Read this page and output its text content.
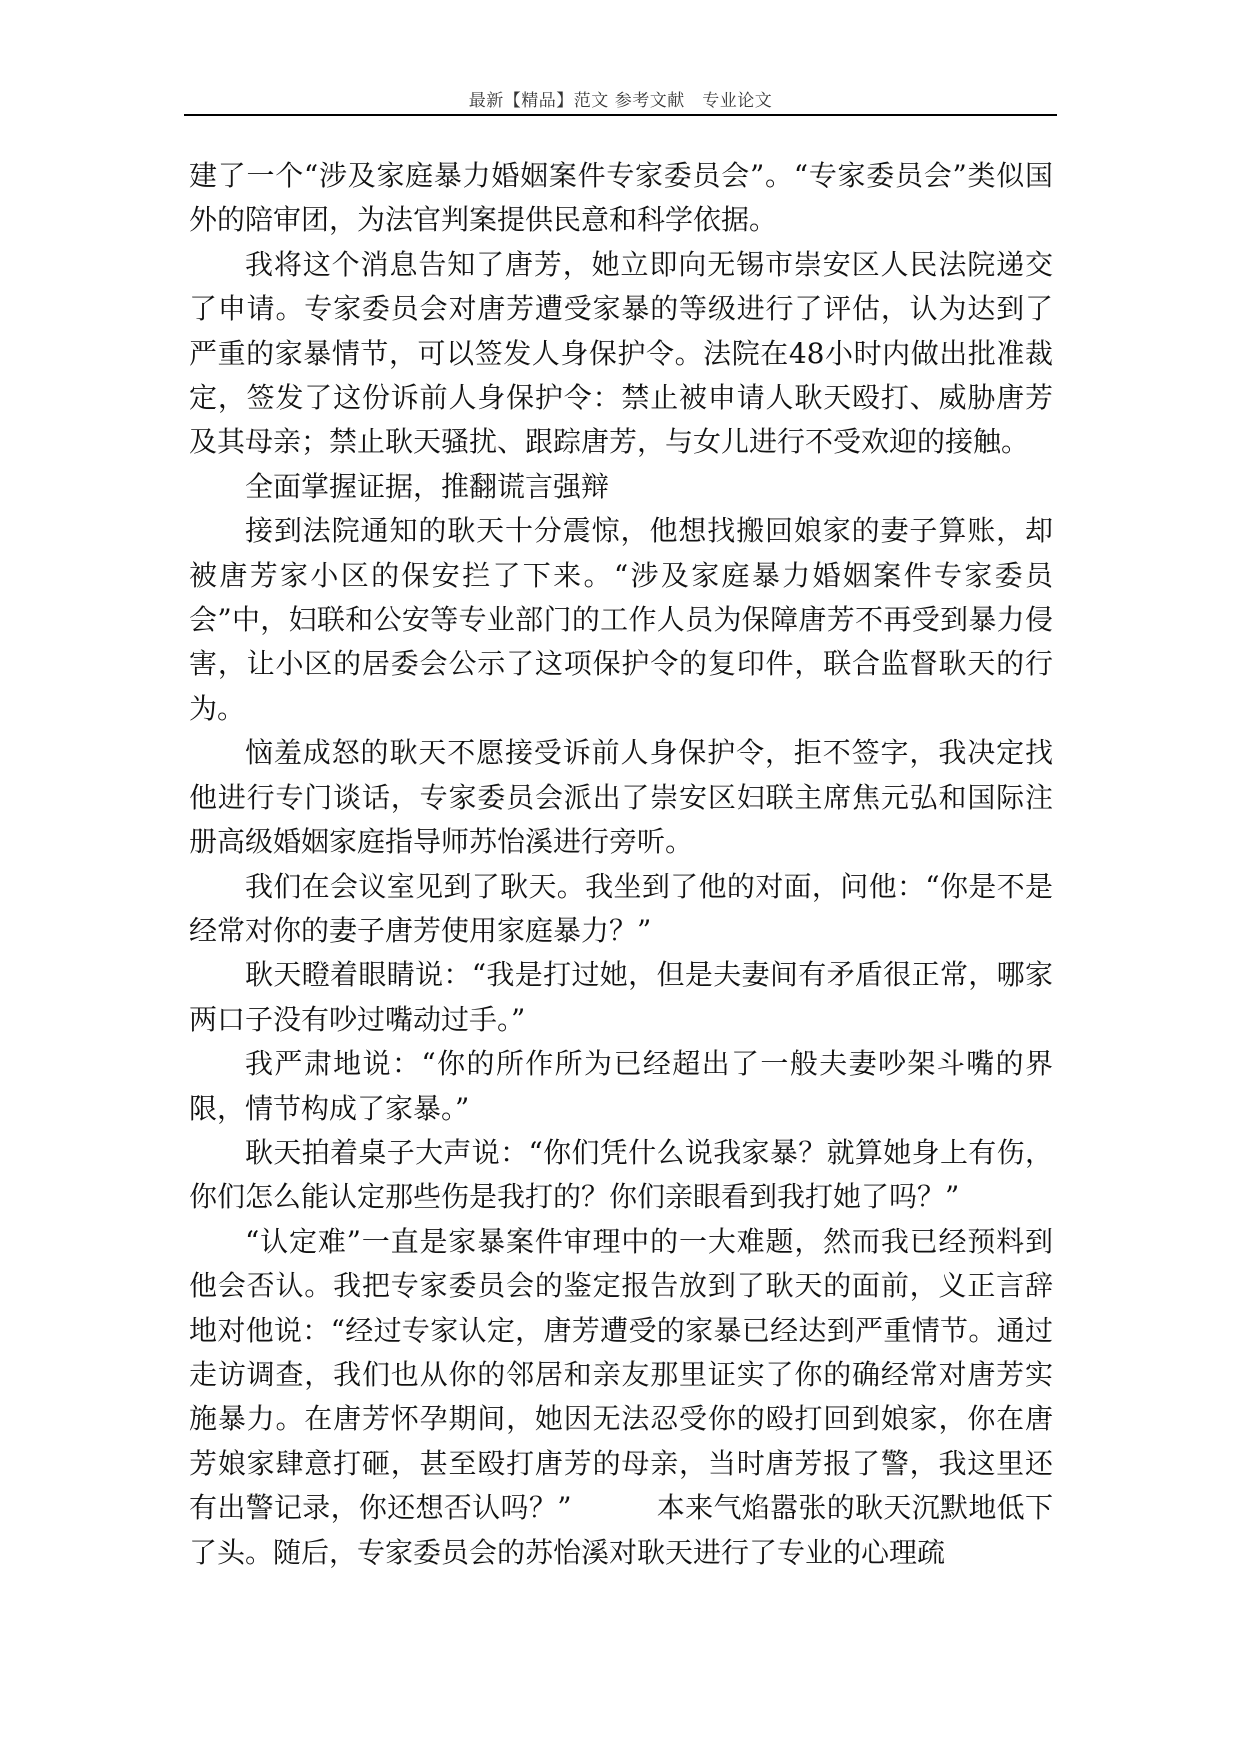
最新【精品】范文 参考文献　专业论文

建了一个“涉及家庭暴力婚姻案件专家委员会”。“专家委员会”类似国外的陪审团，为法官判案提供民意和科学依据。

我将这个消息告知了唐芳，她立即向无锡市崇安区人民法院递交了申请。专家委员会对唐芳遭受家暴的等级进行了评估，认为达到了严重的家暴情节，可以签发人身保护令。法院在48小时内做出批准裁定，签发了这份诉前人身保护令：禁止被申请人耿天殴打、威胁唐芳及其母亲；禁止耿天骚扰、跟踪唐芳，与女儿进行不受欢迎的接触。

全面掌握证据，推翻谎言强辩

接到法院通知的耿天十分震惊，他想找搬回娘家的妻子算账，却被唐芳家小区的保安拦了下来。“涉及家庭暴力婚姻案件专家委员会”中，妇联和公安等专业部门的工作人员为保障唐芳不再受到暴力侵害，让小区的居委会公示了这项保护令的复印件，联合监督耿天的行为。

恼羞成怒的耿天不愿接受诉前人身保护令，拒不签字，我决定找他进行专门谈话，专家委员会派出了崇安区妇联主席焦元弘和国际注册高级婚姻家庭指导师苏怡溪进行旁听。

我们在会议室见到了耿天。我坐到了他的对面，问他：“你是不是经常对你的妻子唐芳使用家庭暴力？”

耿天瞪着眼睛说：“我是打过她，但是夫妻间有矛盾很正常，哪家两口子没有吵过嘴动过手。”

我严肃地说：“你的所作所为已经超出了一般夫妻吵架斗嘴的界限，情节构成了家暴。”

耿天拍着桌子大声说：“你们凭什么说我家暴？就算她身上有伤，你们怎么能认定那些伤是我打的？你们亲眼看到我打她了吗？”

“认定难”一直是家暴案件审理中的一大难题，然而我已经预料到他会否认。我把专家委员会的鉴定报告放到了耿天的面前，义正言辞地对他说：“经过专家认定，唐芳遭受的家暴已经达到严重情节。通过走访调查，我们也从你的邻居和亲友那里证实了你的确经常对唐芳实施暴力。在唐芳怀孕期间，她因无法忍受你的殴打回到娘家，你在唐芳娘家肆意打砸，甚至殴打唐芳的母亲，当时唐芳报了警，我这里还有出警记录，你还想否认吗？”　　　本来气焰嚣张的耿天沉默地低下了头。随后，专家委员会的苏怡溪对耿天进行了专业的心理疏
